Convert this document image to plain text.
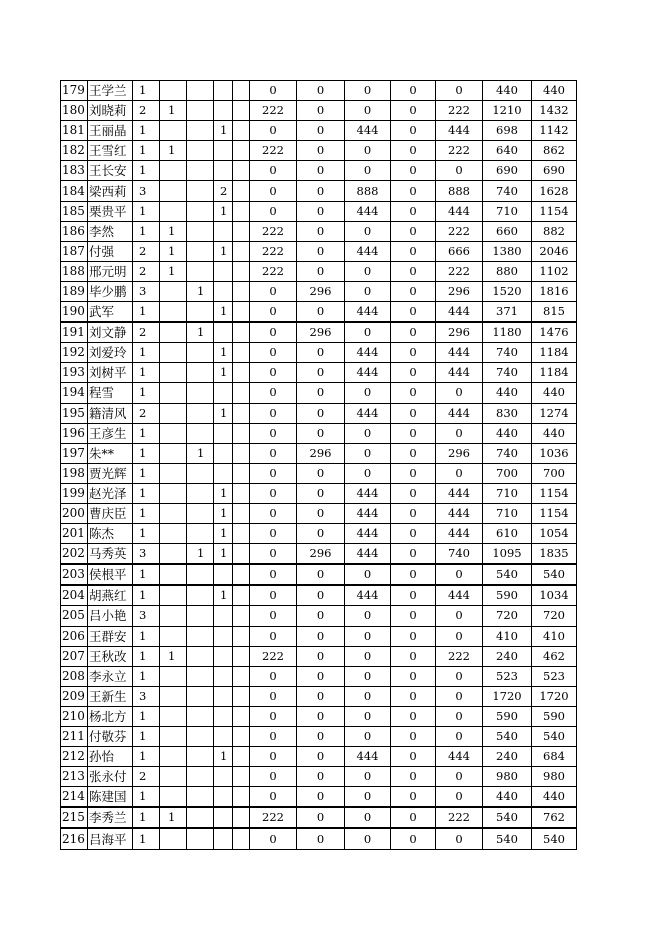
179	王学兰	1					0	0	0	0	0	440	440
180	刘晓莉	2	1				222	0	0	0	222	1210	1432
181	王丽晶	1			1		0	0	444	0	444	698	1142
182	王雪红	1	1				222	0	0	0	222	640	862
183	王长安	1					0	0	0	0	0	690	690
184	梁西莉	3			2		0	0	888	0	888	740	1628
185	栗贵平	1			1		0	0	444	0	444	710	1154
186	李然	1	1				222	0	0	0	222	660	882
187	付强	2	1		1		222	0	444	0	666	1380	2046
188	邢元明	2	1				222	0	0	0	222	880	1102
189	毕少鹏	3		1			0	296	0	0	296	1520	1816
190	武军	1			1		0	0	444	0	444	371	815
191	刘文静	2		1			0	296	0	0	296	1180	1476
192	刘爱玲	1			1		0	0	444	0	444	740	1184
193	刘树平	1			1		0	0	444	0	444	740	1184
194	程雪	1					0	0	0	0	0	440	440
195	籍清风	2			1		0	0	444	0	444	830	1274
196	王彦生	1					0	0	0	0	0	440	440
197	朱**	1		1			0	296	0	0	296	740	1036
198	贾光辉	1					0	0	0	0	0	700	700
199	赵光泽	1			1		0	0	444	0	444	710	1154
200	曹庆臣	1			1		0	0	444	0	444	710	1154
201	陈杰	1			1		0	0	444	0	444	610	1054
202	马秀英	3		1	1		0	296	444	0	740	1095	1835
203	侯根平	1					0	0	0	0	0	540	540
204	胡燕红	1			1		0	0	444	0	444	590	1034
205	吕小艳	3					0	0	0	0	0	720	720
206	王群安	1					0	0	0	0	0	410	410
207	王秋改	1	1				222	0	0	0	222	240	462
208	李永立	1					0	0	0	0	0	523	523
209	王新生	3					0	0	0	0	0	1720	1720
210	杨北方	1					0	0	0	0	0	590	590
211	付敬芬	1					0	0	0	0	0	540	540
212	孙怡	1			1		0	0	444	0	444	240	684
213	张永付	2					0	0	0	0	0	980	980
214	陈建国	1					0	0	0	0	0	440	440
215	李秀兰	1	1				222	0	0	0	222	540	762
216	吕海平	1					0	0	0	0	0	540	540
